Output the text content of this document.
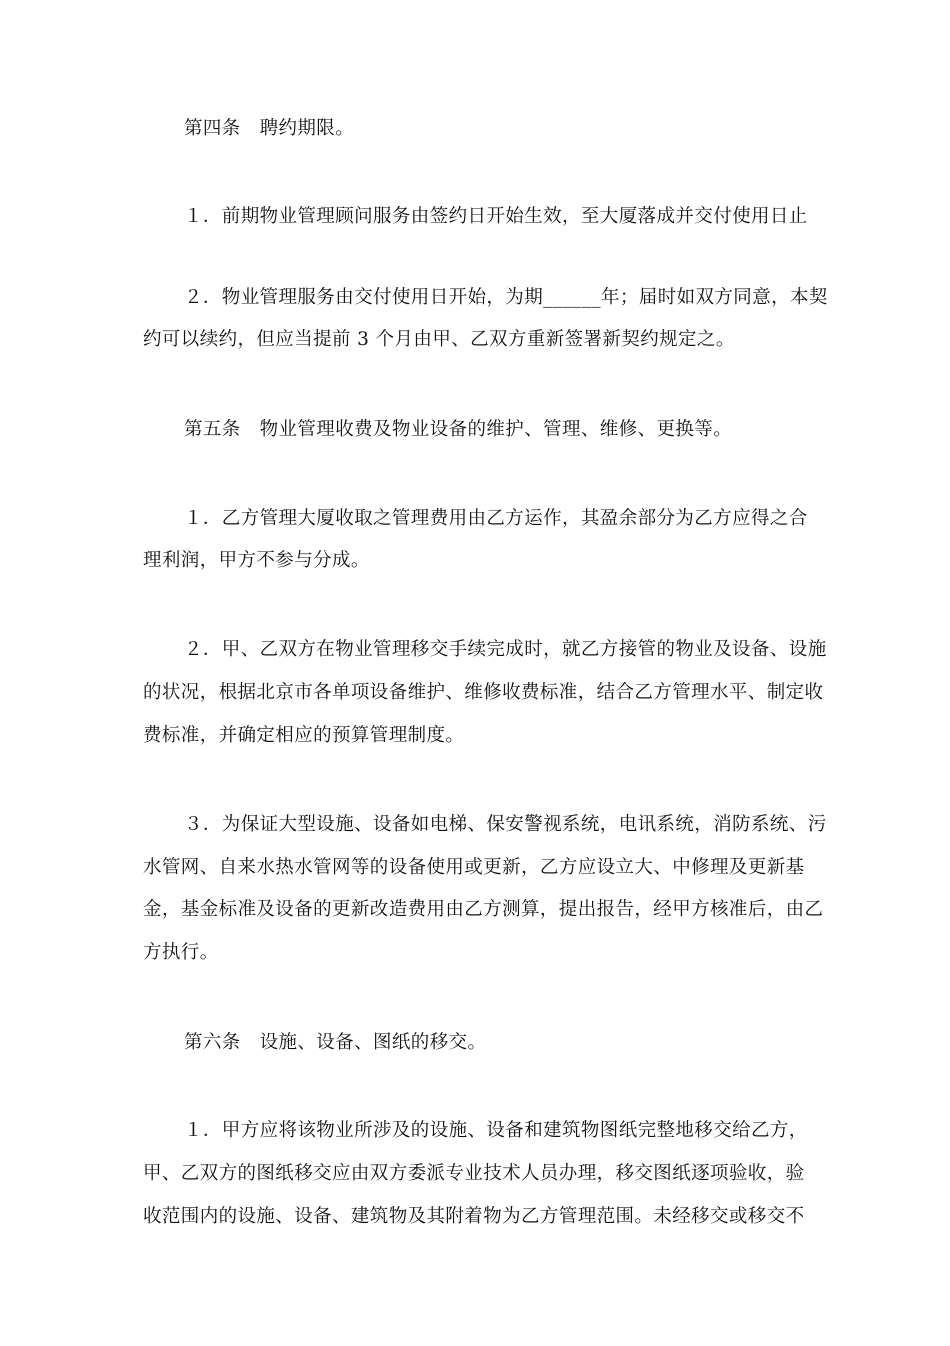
第四条　聘约期限。
１．前期物业管理顾问服务由签约日开始生效，至大厦落成并交付使用日止
２．物业管理服务由交付使用日开始，为期______年；届时如双方同意，本契
约可以续约，但应当提前 3 个月由甲、乙双方重新签署新契约规定之。
第五条　物业管理收费及物业设备的维护、管理、维修、更换等。
１．乙方管理大厦收取之管理费用由乙方运作，其盈余部分为乙方应得之合
理利润，甲方不参与分成。
２．甲、乙双方在物业管理移交手续完成时，就乙方接管的物业及设备、设施
的状况，根据北京市各单项设备维护、维修收费标准，结合乙方管理水平、制定收
费标准，并确定相应的预算管理制度。
３．为保证大型设施、设备如电梯、保安警视系统，电讯系统，消防系统、污
水管网、自来水热水管网等的设备使用或更新，乙方应设立大、中修理及更新基
金，基金标准及设备的更新改造费用由乙方测算，提出报告，经甲方核准后，由乙
方执行。
第六条　设施、设备、图纸的移交。
１．甲方应将该物业所涉及的设施、设备和建筑物图纸完整地移交给乙方，
甲、乙双方的图纸移交应由双方委派专业技术人员办理，移交图纸逐项验收，验
收范围内的设施、设备、建筑物及其附着物为乙方管理范围。未经移交或移交不
